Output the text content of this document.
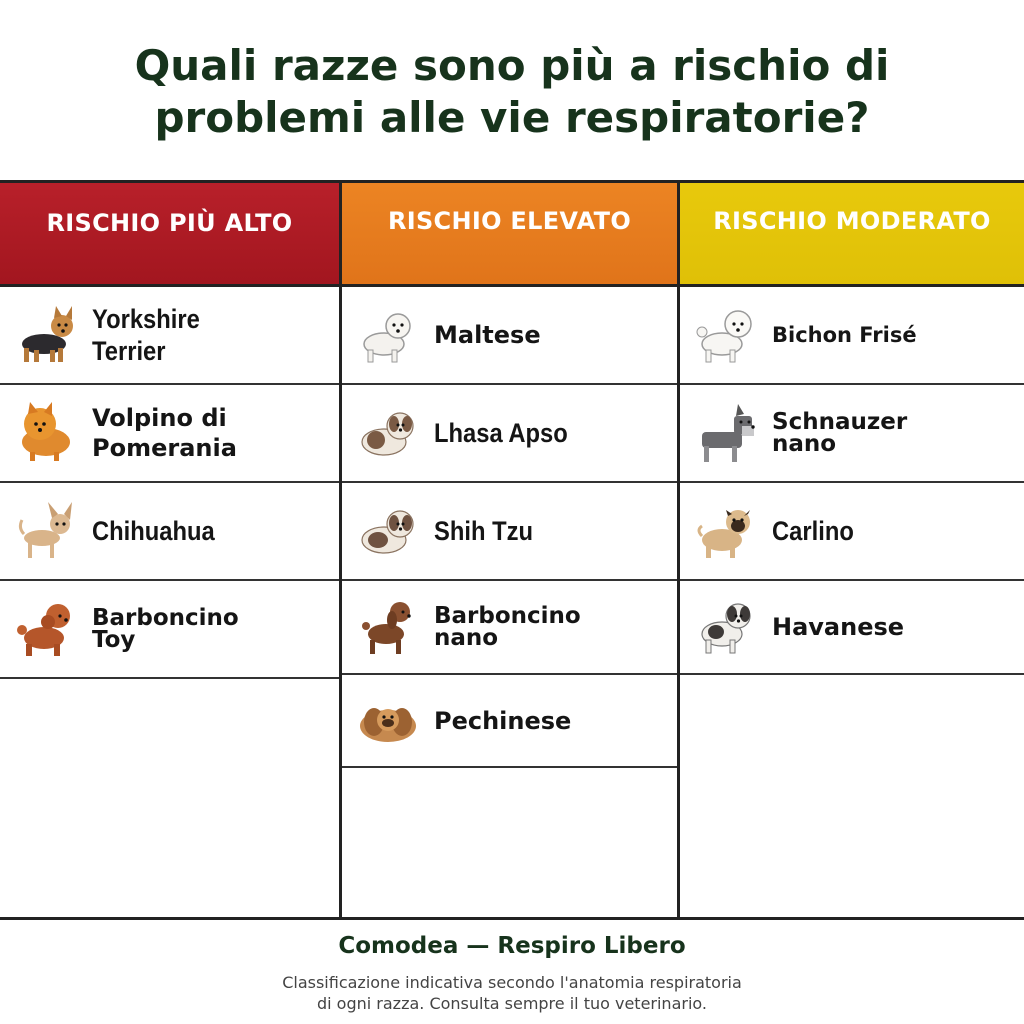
Quali razze sono più a rischio di
problemi alle vie respiratorie?
RISCHIO PIÙ ALTO
Yorkshire
Terrier
Volpino di
Pomerania
Chihuahua
Barboncino
Toy
RISCHIO ELEVATO
Maltese
Lhasa Apso
Shih Tzu
Barboncino
nano
Pechinese
RISCHIO MODERATO
Bichon Frisé
Schnauzer
nano
Carlino
Havanese
Comodea — Respiro Libero
Classificazione indicativa secondo l'anatomia respiratoria
di ogni razza. Consulta sempre il tuo veterinario.
